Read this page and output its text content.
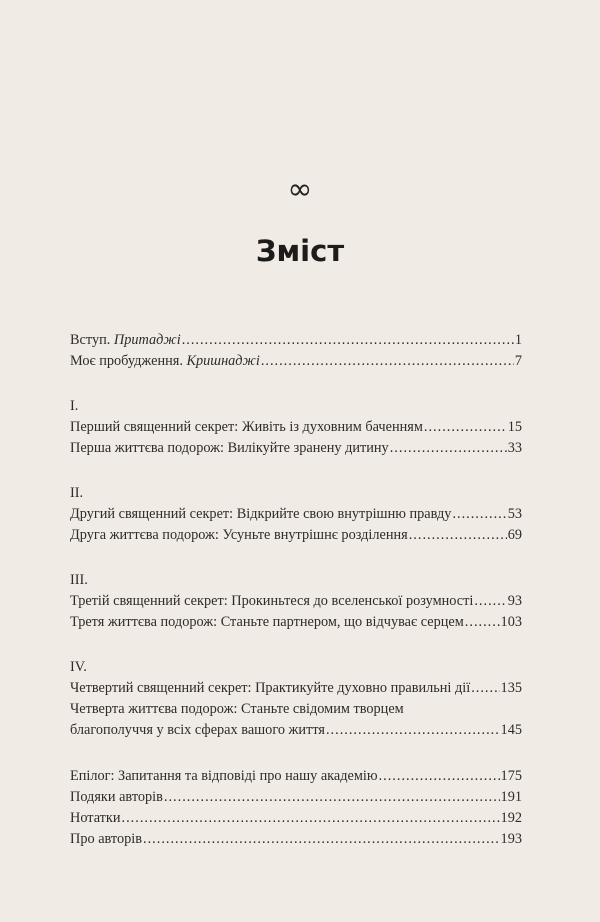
∞
Зміст
Вступ. Притаджі .....	1
Моє пробудження. Кришнаджі .....	7
I.
Перший священний секрет: Живіть із духовним баченням .....	15
Перша життєва подорож: Вилікуйте зранену дитину .....	33
II.
Другий священний секрет: Відкрийте свою внутрішню правду .....	53
Друга життєва подорож: Усуньте внутрішнє розділення .....	69
III.
Третій священний секрет: Прокиньтеся до вселенської розумності ..... 93
Третя життєва подорож: Станьте партнером, що відчуває серцем .....	103
IV.
Четвертий священний секрет: Практикуйте духовно правильні дії ..... 135
Четверта життєва подорож: Станьте свідомим творцем
благополуччя у всіх сферах вашого життя .....	145
Епілог: Запитання та відповіді про нашу академію .....	175
Подяки авторів .....	191
Нотатки .....	192
Про авторів .....	193
